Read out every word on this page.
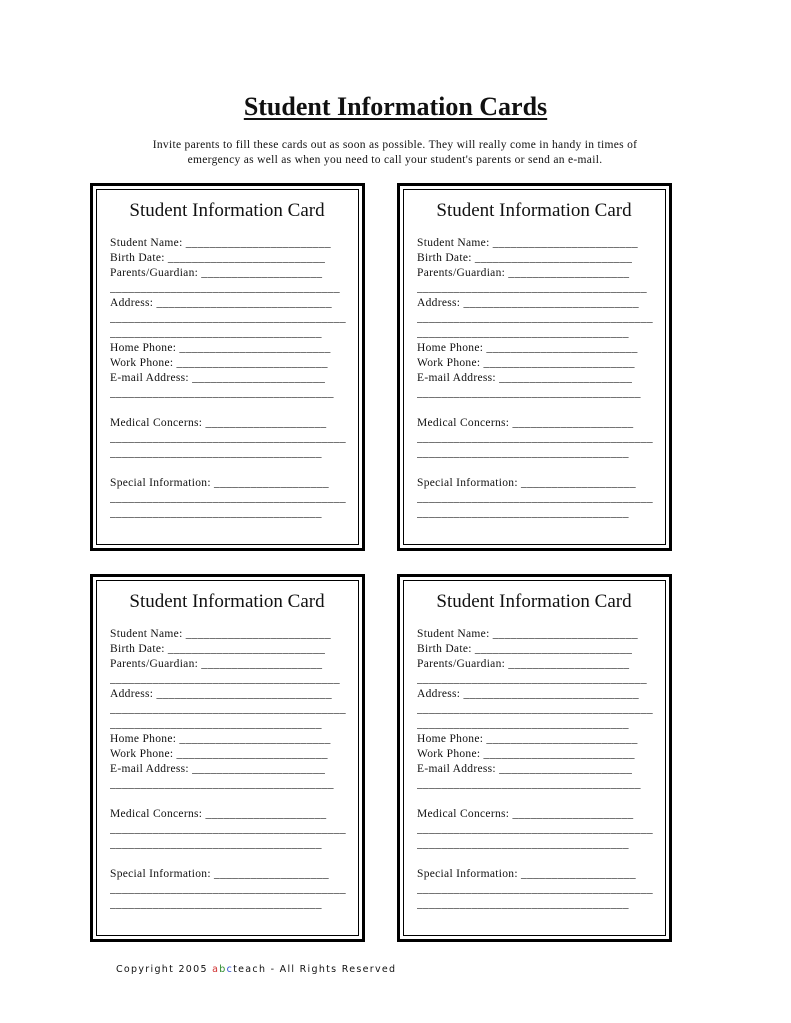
Student Information Cards
Invite parents to fill these cards out as soon as possible. They will really come in handy in times of emergency as well as when you need to call your student's parents or send an e-mail.
Student Information Card
Student Name: ________________________
Birth Date: __________________________
Parents/Guardian: ____________________
______________________________________
Address: _____________________________
_______________________________________
___________________________________
Home Phone: _________________________
Work Phone: _________________________
E-mail Address: ______________________
_____________________________________
Medical Concerns: ____________________
_______________________________________
___________________________________
Special Information: ___________________
_______________________________________
___________________________________
Student Information Card
Student Name: ________________________
Birth Date: __________________________
Parents/Guardian: ____________________
______________________________________
Address: _____________________________
_______________________________________
___________________________________
Home Phone: _________________________
Work Phone: _________________________
E-mail Address: ______________________
_____________________________________
Medical Concerns: ____________________
_______________________________________
___________________________________
Special Information: ___________________
_______________________________________
___________________________________
Student Information Card
Student Name: ________________________
Birth Date: __________________________
Parents/Guardian: ____________________
______________________________________
Address: _____________________________
_______________________________________
___________________________________
Home Phone: _________________________
Work Phone: _________________________
E-mail Address: ______________________
_____________________________________
Medical Concerns: ____________________
_______________________________________
___________________________________
Special Information: ___________________
_______________________________________
___________________________________
Student Information Card
Student Name: ________________________
Birth Date: __________________________
Parents/Guardian: ____________________
______________________________________
Address: _____________________________
_______________________________________
___________________________________
Home Phone: _________________________
Work Phone: _________________________
E-mail Address: ______________________
_____________________________________
Medical Concerns: ____________________
_______________________________________
___________________________________
Special Information: ___________________
_______________________________________
___________________________________
Copyright 2005 abcteach - All Rights Reserved
